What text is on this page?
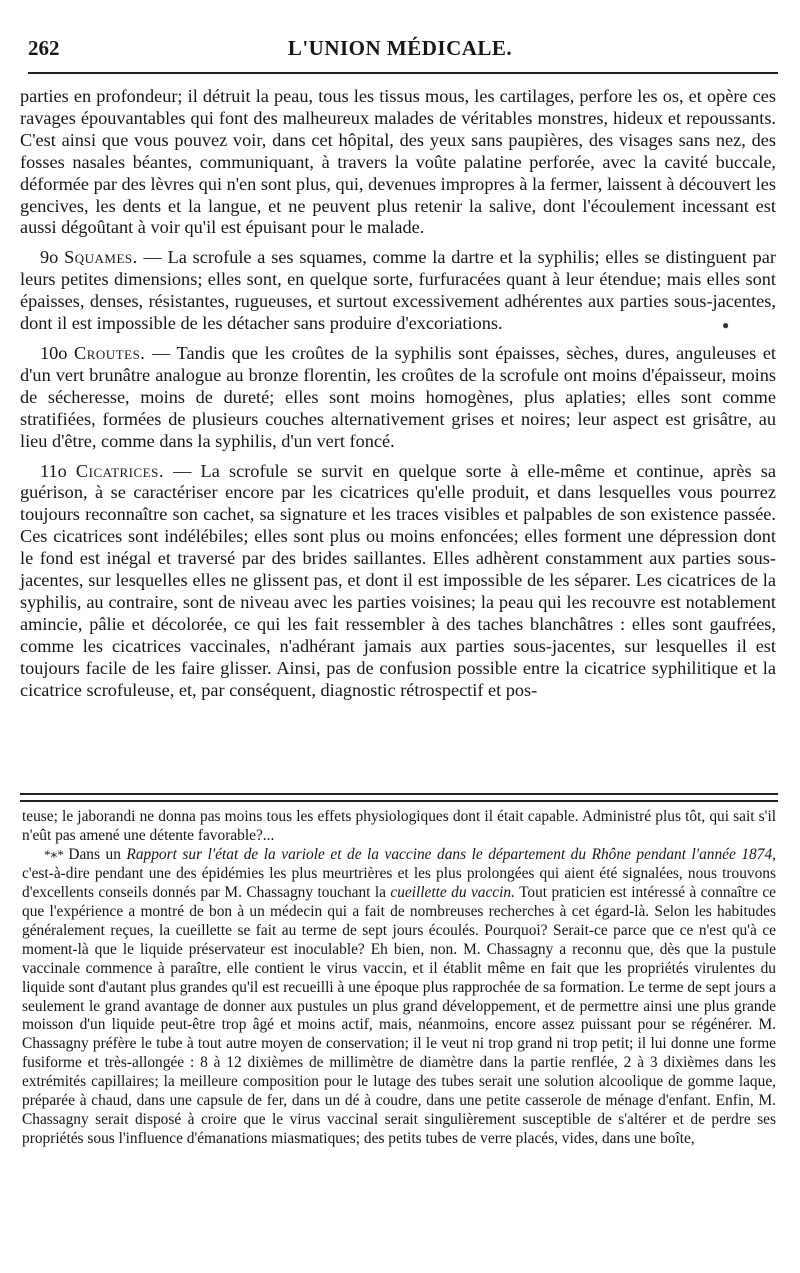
262	L'UNION MÉDICALE.

parties en profondeur; il détruit la peau, tous les tissus mous, les cartilages, perfore les os, et opère ces ravages épouvantables qui font des malheureux malades de véritables monstres, hideux et repoussants. C'est ainsi que vous pouvez voir, dans cet hôpital, des yeux sans paupières, des visages sans nez, des fosses nasales béantes, communiquant, à travers la voûte palatine perforée, avec la cavité buccale, déformée par des lèvres qui n'en sont plus, qui, devenues impropres à la fermer, laissent à découvert les gencives, les dents et la langue, et ne peuvent plus retenir la salive, dont l'écoulement incessant est aussi dégoûtant à voir qu'il est épuisant pour le malade.

9o Squames. — La scrofule a ses squames, comme la dartre et la syphilis; elles se distinguent par leurs petites dimensions; elles sont, en quelque sorte, furfuracées quant à leur étendue; mais elles sont épaisses, denses, résistantes, rugueuses, et surtout excessivement adhérentes aux parties sous-jacentes, dont il est impossible de les détacher sans produire d'excoriations.

10o Croutes. — Tandis que les croûtes de la syphilis sont épaisses, sèches, dures, anguleuses et d'un vert brunâtre analogue au bronze florentin, les croûtes de la scrofule ont moins d'épaisseur, moins de sécheresse, moins de dureté; elles sont moins homogènes, plus aplaties; elles sont comme stratifiées, formées de plusieurs couches alternativement grises et noires; leur aspect est grisâtre, au lieu d'être, comme dans la syphilis, d'un vert foncé.

11o Cicatrices. — La scrofule se survit en quelque sorte à elle-même et continue, après sa guérison, à se caractériser encore par les cicatrices qu'elle produit, et dans lesquelles vous pourrez toujours reconnaître son cachet, sa signature et les traces visibles et palpables de son existence passée. Ces cicatrices sont indélébiles; elles sont plus ou moins enfoncées; elles forment une dépression dont le fond est inégal et traversé par des brides saillantes. Elles adhèrent constamment aux parties sous-jacentes, sur lesquelles elles ne glissent pas, et dont il est impossible de les séparer. Les cicatrices de la syphilis, au contraire, sont de niveau avec les parties voisines; la peau qui les recouvre est notablement amincie, pâlie et décolorée, ce qui les fait ressembler à des taches blanchâtres : elles sont gaufrées, comme les cicatrices vaccinales, n'adhérant jamais aux parties sous-jacentes, sur lesquelles il est toujours facile de les faire glisser. Ainsi, pas de confusion possible entre la cicatrice syphilitique et la cicatrice scrofuleuse, et, par conséquent, diagnostic rétrospectif et pos-

●

teuse; le jaborandi ne donna pas moins tous les effets physiologiques dont il était capable. Administré plus tôt, qui sait s'il n'eût pas amené une détente favorable?...

*∗* Dans un Rapport sur l'état de la variole et de la vaccine dans le département du Rhône pendant l'année 1874, c'est-à-dire pendant une des épidémies les plus meurtrières et les plus prolongées qui aient été signalées, nous trouvons d'excellents conseils donnés par M. Chassagny touchant la cueillette du vaccin. Tout praticien est intéressé à connaître ce que l'expérience a montré de bon à un médecin qui a fait de nombreuses recherches à cet égard-là. Selon les habitudes généralement reçues, la cueillette se fait au terme de sept jours écoulés. Pourquoi? Serait-ce parce que ce n'est qu'à ce moment-là que le liquide préservateur est inoculable? Eh bien, non. M. Chassagny a reconnu que, dès que la pustule vaccinale commence à paraître, elle contient le virus vaccin, et il établit même en fait que les propriétés virulentes du liquide sont d'autant plus grandes qu'il est recueilli à une époque plus rapprochée de sa formation. Le terme de sept jours a seulement le grand avantage de donner aux pustules un plus grand développement, et de permettre ainsi une plus grande moisson d'un liquide peut-être trop âgé et moins actif, mais, néanmoins, encore assez puissant pour se régénérer. M. Chassagny préfère le tube à tout autre moyen de conservation; il le veut ni trop grand ni trop petit; il lui donne une forme fusiforme et très-allongée : 8 à 12 dixièmes de millimètre de diamètre dans la partie renflée, 2 à 3 dixièmes dans les extrémités capillaires; la meilleure composition pour le lutage des tubes serait une solution alcoolique de gomme laque, préparée à chaud, dans une capsule de fer, dans un dé à coudre, dans une petite casserole de ménage d'enfant. Enfin, M. Chassagny serait disposé à croire que le virus vaccinal serait singulièrement susceptible de s'altérer et de perdre ses propriétés sous l'influence d'émanations miasmatiques; des petits tubes de verre placés, vides, dans une boîte,
